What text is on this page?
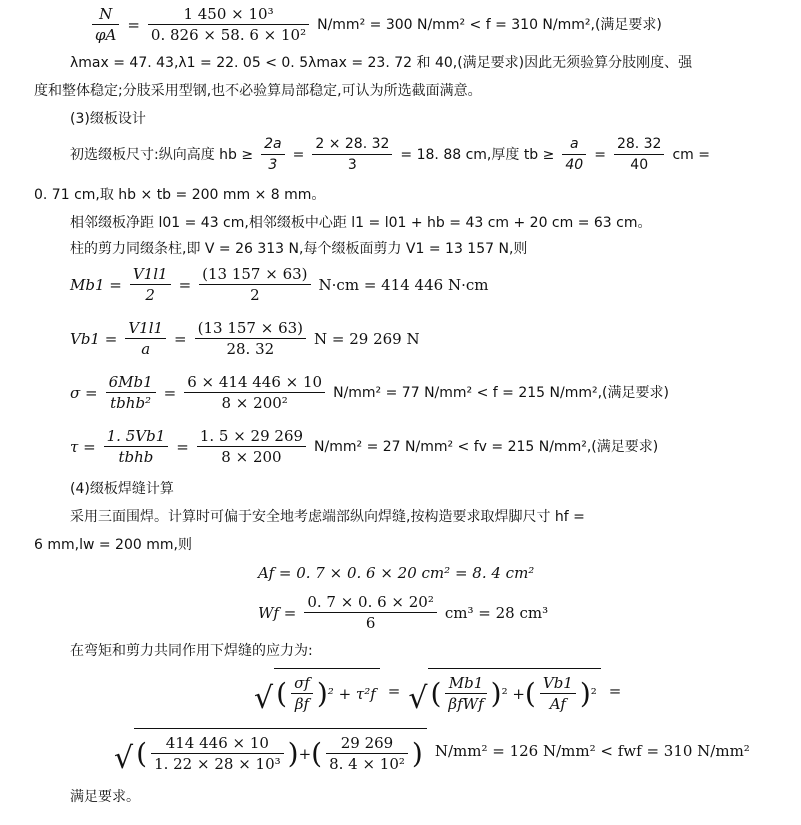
$\frac{N}{\varphi A} = \frac{\text{1 450 × 10³}}{\text{0. 826 × 58. 6 × 10²}} N/mm^2 = 300$ N/mm² < f = 310 N/mm²,(满足要求)
λmax = 47. 43,λ1 = 22. 05 < 0. 5λmax = 23. 72 和 40,(满足要求)因此无须验算分肢刚度、强
度和整体稳定;分肢采用型钢,也不必验算局部稳定,可认为所选截面满意。
(3)缀板设计
初选缀板尺寸:纵向高度 hb ≥ $\frac{2a}{3} = \frac{2 \times 28. 32}{3} = 18$. 88 cm,厚度 tb ≥ $\frac{a}{40} = \frac{28. 32}{40}$ cm =
0. 71 cm,取 hb × tb = 200 mm × 8 mm。
相邻缀板净距 l01 = 43 cm,相邻缀板中心距 l1 = l01 + hb = 43 cm + 20 cm = 63 cm。
柱的剪力同缀条柱,即 V = 26 313 N,每个缀板面剪力 V1 = 13 157 N,则
$Mb1 = \frac{V1l1}{2} = \frac{(13 157 \times 63)}{2} N\cdot cm = 414$ 446 N·cm
$Vb1 = \frac{V1l1}{a} = \frac{(13 157 \times 63)}{28. 32}$ N = 29 269 N
$\sigma = \frac{6Mb1}{\text{tbhb²}} = \frac{6 \times 414 446 \times 10}{\text{8 × 200²}} N/mm^2 = 77$ N/mm² < f = 215 N/mm²,(满足要求)
$\tau = \frac{1. 5Vb1}{\text{tbhb}} = \frac{1. 5 \times 29 269}{8 \times 200} N/mm^2 = 27$ N/mm² < fv = 215 N/mm²,(满足要求)
(4)缀板焊缝计算
采用三面围焊。计算时可偏于安全地考虑端部纵向焊缝,按构造要求取焊脚尺寸 hf =
6 mm,lw = 200 mm,则
Af = 0. 7 × 0. 6 × 20 cm² = 8. 4 cm²
$Wf = \frac{\text{0. 7 × 0. 6 × 20²}}{6} cm^3 = 28$ cm³
在弯矩和剪力共同作用下焊缝的应力为:
√ ( $\frac{\sigma f}{\beta f}$ ) ² + τ²f = √ ( $\frac{Mb1}{\text{βfWf}}$ ) ² + ( $\frac{Vb1}{Af}$ ) ² =
√ ( $\frac{414 446 \times 10}{\text{1. 22 × 28 × 10³}}$ ) + ( $\frac{29 269}{\text{8. 4 × 10²}}$ ) N/mm² = 126 N/mm² < fwf = 310 N/mm²
满足要求。
